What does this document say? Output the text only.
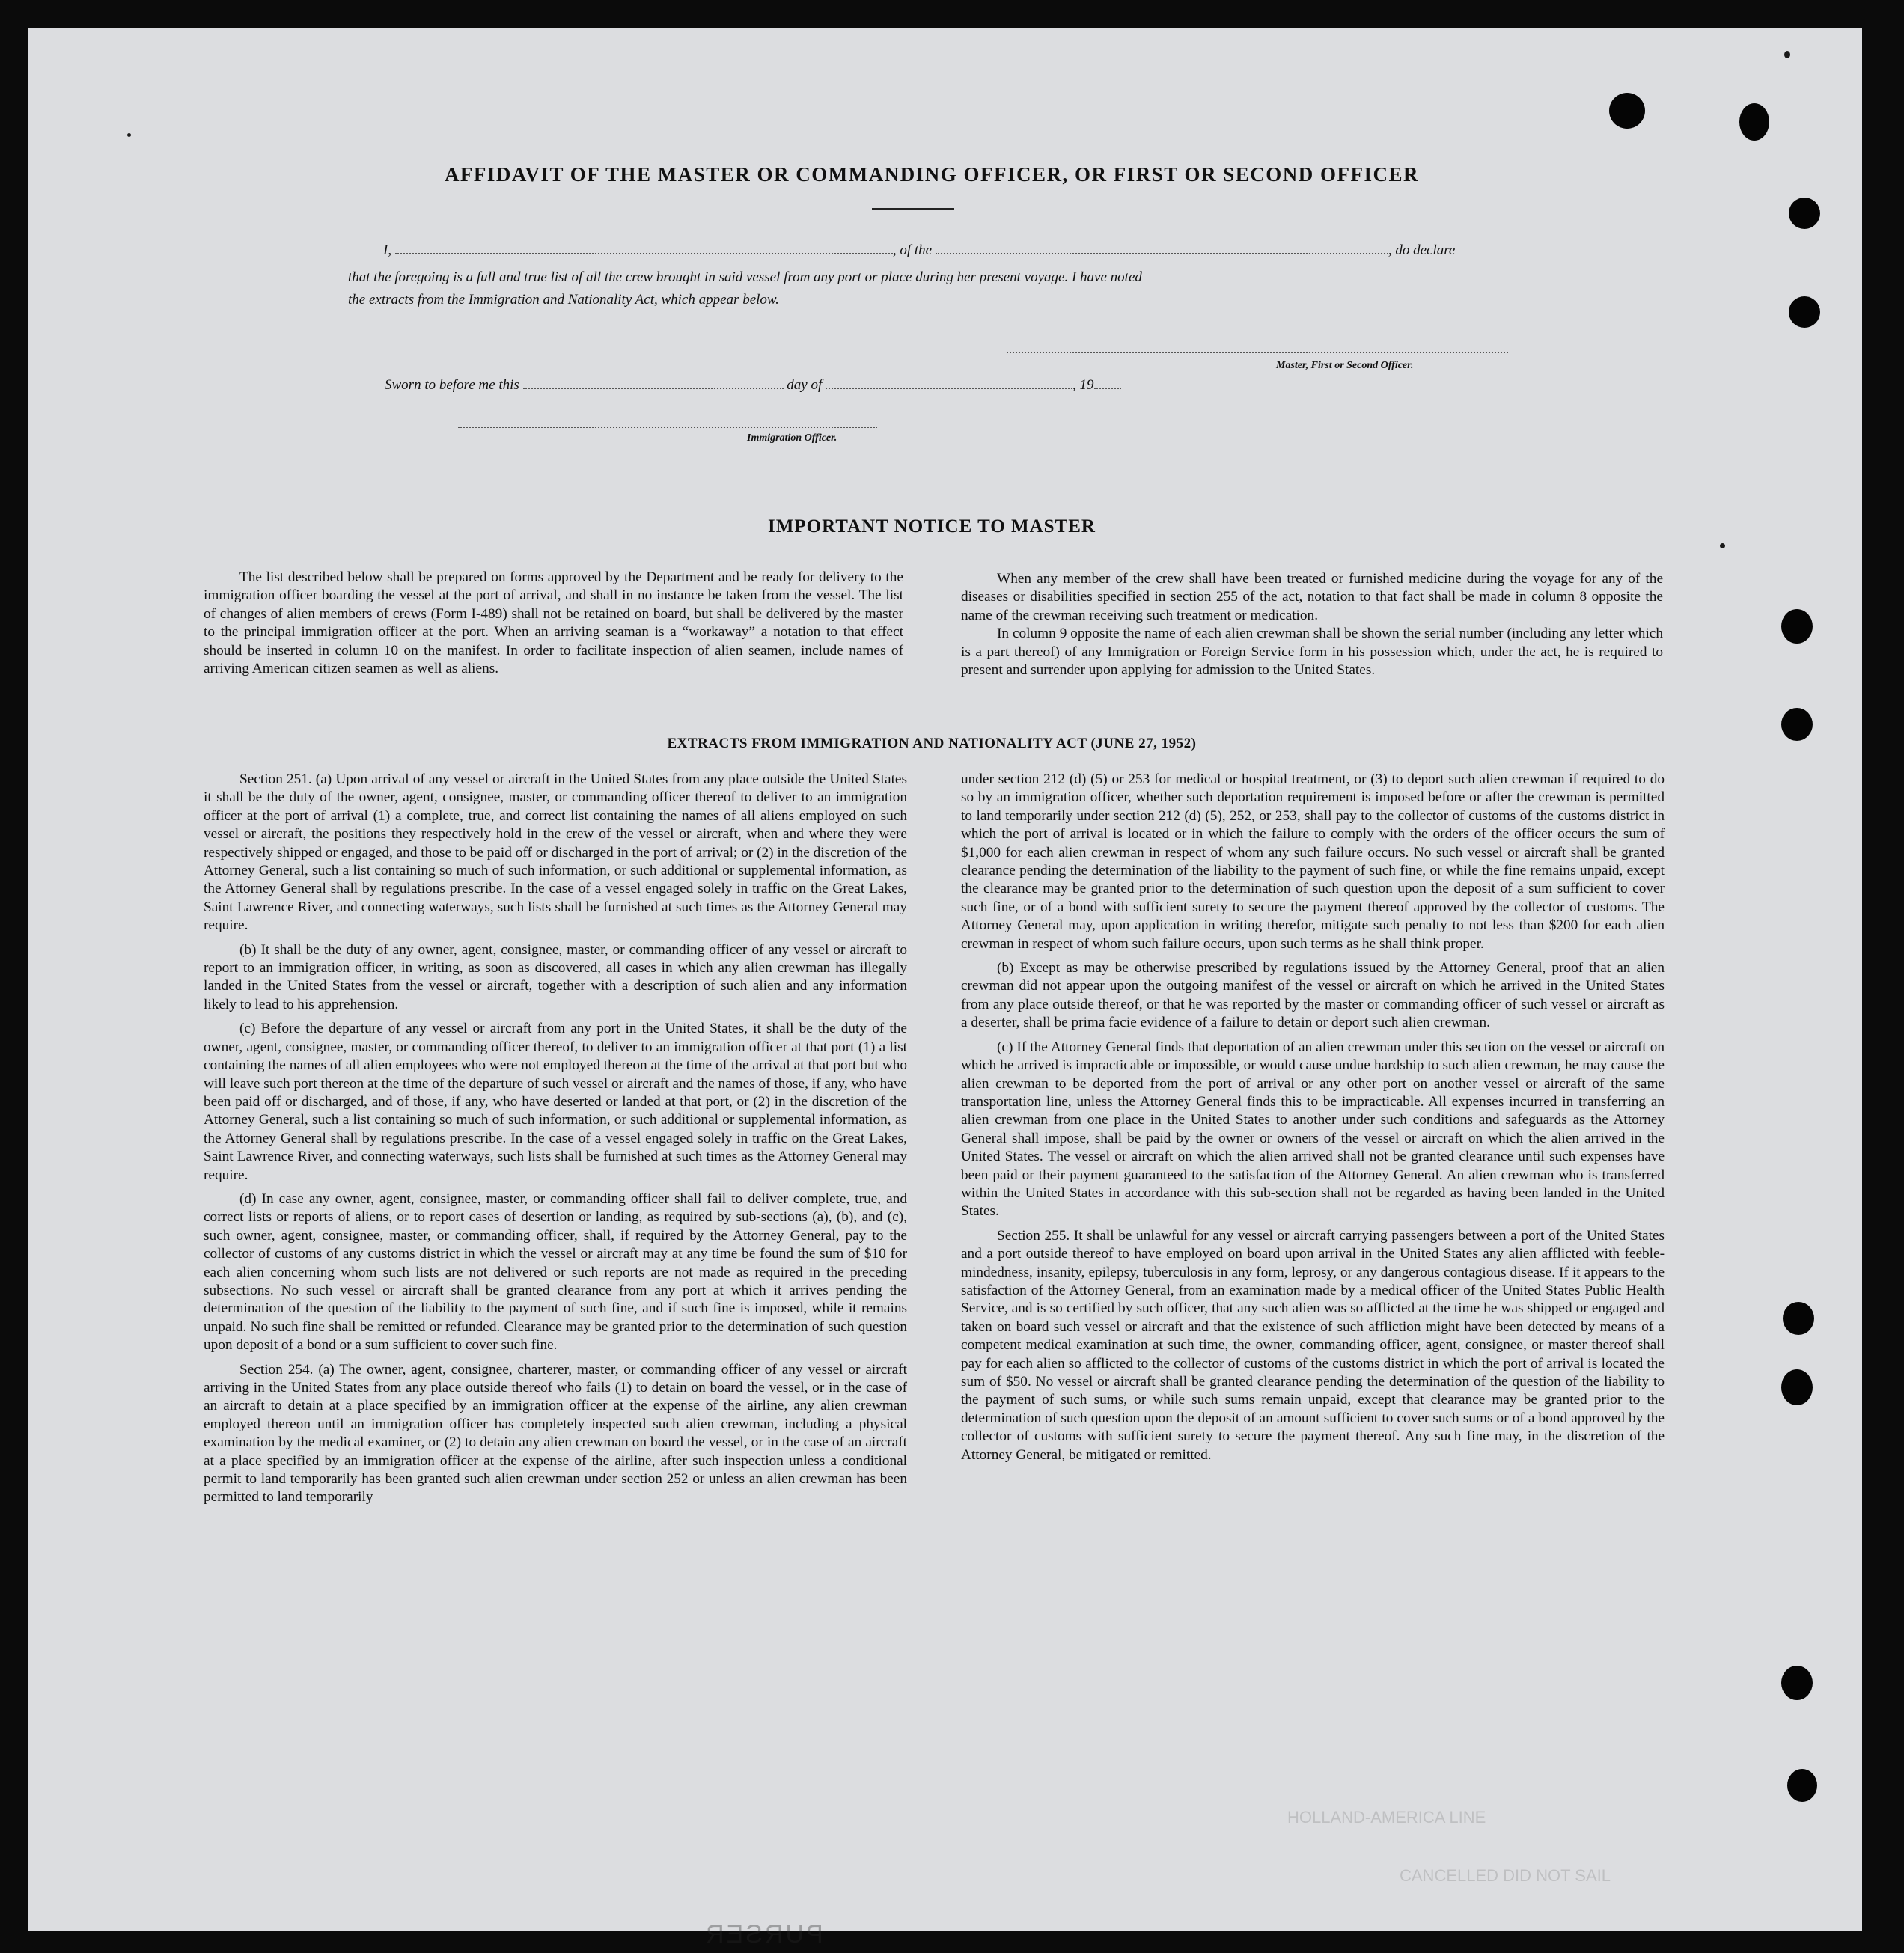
AFFIDAVIT OF THE MASTER OR COMMANDING OFFICER, OR FIRST OR SECOND OFFICER
I,	, of the	, do declare
that the foregoing is a full and true list of all the crew brought in said vessel from any port or place during her present voyage. I have noted
the extracts from the Immigration and Nationality Act, which appear below.
Master, First or Second Officer.
Sworn to before me this	day of	, 19
Immigration Officer.
IMPORTANT NOTICE TO MASTER

The list described below shall be prepared on forms approved by the Department and be ready for delivery to the immigration officer boarding the vessel at the port of arrival, and shall in no instance be taken from the vessel. The list of changes of alien members of crews (Form I-489) shall not be retained on board, but shall be delivered by the master to the principal immigration officer at the port. When an arriving seaman is a “workaway” a notation to that effect should be inserted in column 10 on the manifest. In order to facilitate inspection of alien seamen, include names of arriving American citizen seamen as well as aliens.

When any member of the crew shall have been treated or furnished medicine during the voyage for any of the diseases or disabilities specified in section 255 of the act, notation to that fact shall be made in column 8 opposite the name of the crewman receiving such treatment or medication.

In column 9 opposite the name of each alien crewman shall be shown the serial number (including any letter which is a part thereof) of any Immigration or Foreign Service form in his possession which, under the act, he is required to present and surrender upon applying for admission to the United States.

EXTRACTS FROM IMMIGRATION AND NATIONALITY ACT (JUNE 27, 1952)

Section 251. (a) Upon arrival of any vessel or aircraft in the United States from any place outside the United States it shall be the duty of the owner, agent, consignee, master, or commanding officer thereof to deliver to an immigration officer at the port of arrival (1) a complete, true, and correct list containing the names of all aliens employed on such vessel or aircraft, the positions they respectively hold in the crew of the vessel or aircraft, when and where they were respectively shipped or engaged, and those to be paid off or discharged in the port of arrival; or (2) in the discretion of the Attorney General, such a list containing so much of such information, or such additional or supplemental information, as the Attorney General shall by regulations prescribe. In the case of a vessel engaged solely in traffic on the Great Lakes, Saint Lawrence River, and connecting waterways, such lists shall be furnished at such times as the Attorney General may require.

(b) It shall be the duty of any owner, agent, consignee, master, or commanding officer of any vessel or aircraft to report to an immigration officer, in writing, as soon as discovered, all cases in which any alien crewman has illegally landed in the United States from the vessel or aircraft, together with a description of such alien and any information likely to lead to his apprehension.

(c) Before the departure of any vessel or aircraft from any port in the United States, it shall be the duty of the owner, agent, consignee, master, or commanding officer thereof, to deliver to an immigration officer at that port (1) a list containing the names of all alien employees who were not employed thereon at the time of the arrival at that port but who will leave such port thereon at the time of the departure of such vessel or aircraft and the names of those, if any, who have been paid off or discharged, and of those, if any, who have deserted or landed at that port, or (2) in the discretion of the Attorney General, such a list containing so much of such information, or such additional or supplemental information, as the Attorney General shall by regulations prescribe. In the case of a vessel engaged solely in traffic on the Great Lakes, Saint Lawrence River, and connecting waterways, such lists shall be furnished at such times as the Attorney General may require.

(d) In case any owner, agent, consignee, master, or commanding officer shall fail to deliver complete, true, and correct lists or reports of aliens, or to report cases of desertion or landing, as required by sub-sections (a), (b), and (c), such owner, agent, consignee, master, or commanding officer, shall, if required by the Attorney General, pay to the collector of customs of any customs district in which the vessel or aircraft may at any time be found the sum of $10 for each alien concerning whom such lists are not delivered or such reports are not made as required in the preceding subsections. No such vessel or aircraft shall be granted clearance from any port at which it arrives pending the determination of the question of the liability to the payment of such fine, and if such fine is imposed, while it remains unpaid. No such fine shall be remitted or refunded. Clearance may be granted prior to the determination of such question upon deposit of a bond or a sum sufficient to cover such fine.

Section 254. (a) The owner, agent, consignee, charterer, master, or commanding officer of any vessel or aircraft arriving in the United States from any place outside thereof who fails (1) to detain on board the vessel, or in the case of an aircraft to detain at a place specified by an immigration officer at the expense of the airline, any alien crewman employed thereon until an immigration officer has completely inspected such alien crewman, including a physical examination by the medical examiner, or (2) to detain any alien crewman on board the vessel, or in the case of an aircraft at a place specified by an immigration officer at the expense of the airline, after such inspection unless a conditional permit to land temporarily has been granted such alien crewman under section 252 or unless an alien crewman has been permitted to land temporarily

under section 212 (d) (5) or 253 for medical or hospital treatment, or (3) to deport such alien crewman if required to do so by an immigration officer, whether such deportation requirement is imposed before or after the crewman is permitted to land temporarily under section 212 (d) (5), 252, or 253, shall pay to the collector of customs of the customs district in which the port of arrival is located or in which the failure to comply with the orders of the officer occurs the sum of $1,000 for each alien crewman in respect of whom any such failure occurs. No such vessel or aircraft shall be granted clearance pending the determination of the liability to the payment of such fine, or while the fine remains unpaid, except the clearance may be granted prior to the determination of such question upon the deposit of a sum sufficient to cover such fine, or of a bond with sufficient surety to secure the payment thereof approved by the collector of customs. The Attorney General may, upon application in writing therefor, mitigate such penalty to not less than $200 for each alien crewman in respect of whom such failure occurs, upon such terms as he shall think proper.

(b) Except as may be otherwise prescribed by regulations issued by the Attorney General, proof that an alien crewman did not appear upon the outgoing manifest of the vessel or aircraft on which he arrived in the United States from any place outside thereof, or that he was reported by the master or commanding officer of such vessel or aircraft as a deserter, shall be prima facie evidence of a failure to detain or deport such alien crewman.

(c) If the Attorney General finds that deportation of an alien crewman under this section on the vessel or aircraft on which he arrived is impracticable or impossible, or would cause undue hardship to such alien crewman, he may cause the alien crewman to be deported from the port of arrival or any other port on another vessel or aircraft of the same transportation line, unless the Attorney General finds this to be impracticable. All expenses incurred in transferring an alien crewman from one place in the United States to another under such conditions and safeguards as the Attorney General shall impose, shall be paid by the owner or owners of the vessel or aircraft on which the alien arrived in the United States. The vessel or aircraft on which the alien arrived shall not be granted clearance until such expenses have been paid or their payment guaranteed to the satisfaction of the Attorney General. An alien crewman who is transferred within the United States in accordance with this sub-section shall not be regarded as having been landed in the United States.

Section 255. It shall be unlawful for any vessel or aircraft carrying passengers between a port of the United States and a port outside thereof to have employed on board upon arrival in the United States any alien afflicted with feeble-mindedness, insanity, epilepsy, tuberculosis in any form, leprosy, or any dangerous contagious disease. If it appears to the satisfaction of the Attorney General, from an examination made by a medical officer of the United States Public Health Service, and is so certified by such officer, that any such alien was so afflicted at the time he was shipped or engaged and taken on board such vessel or aircraft and that the existence of such affliction might have been detected by means of a competent medical examination at such time, the owner, commanding officer, agent, consignee, or master thereof shall pay for each alien so afflicted to the collector of customs of the customs district in which the port of arrival is located the sum of $50. No vessel or aircraft shall be granted clearance pending the determination of the question of the liability to the payment of such sums, or while such sums remain unpaid, except that clearance may be granted prior to the determination of such question upon the deposit of an amount sufficient to cover such sums or of a bond approved by the collector of customs with sufficient surety to secure the payment thereof. Any such fine may, in the discretion of the Attorney General, be mitigated or remitted.

HOLLAND-AMERICA LINE
CANCELLED DID NOT SAIL
PURSER
